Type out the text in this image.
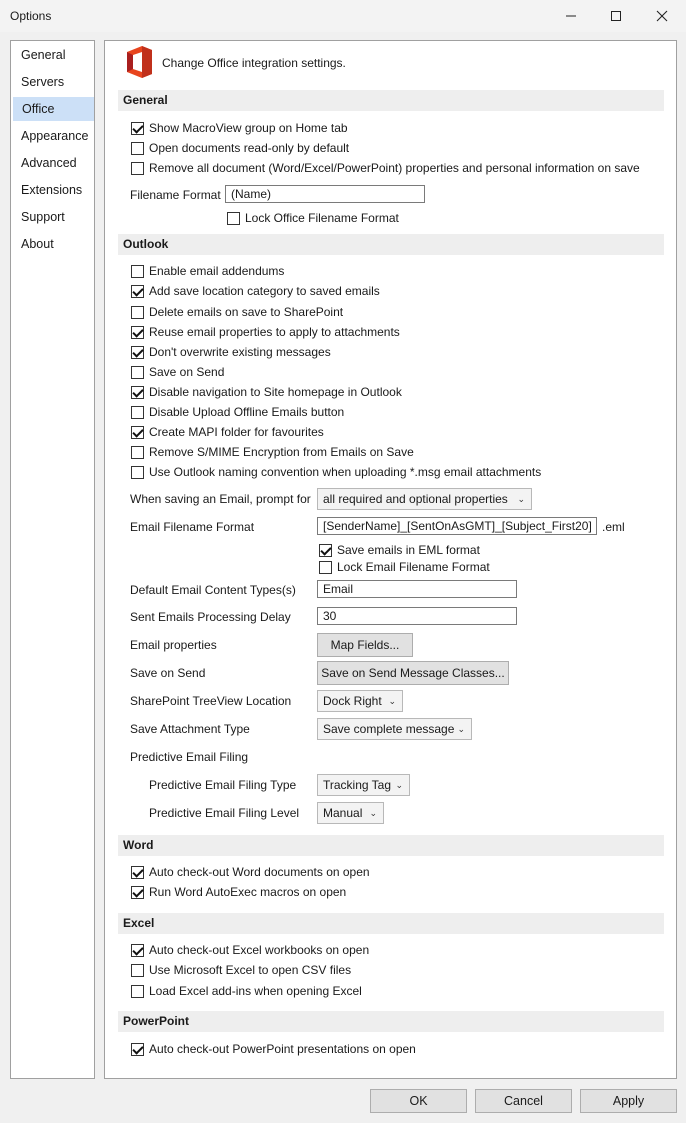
Options
General
Servers
Office
Appearance
Advanced
Extensions
Support
About
Change Office integration settings.
General
Show MacroView group on Home tab
Open documents read-only by default
Remove all document (Word/Excel/PowerPoint) properties and personal information on save
Filename Format (Name)
Lock Office Filename Format
Outlook
Enable email addendums
Add save location category to saved emails
Delete emails on save to SharePoint
Reuse email properties to apply to attachments
Don't overwrite existing messages
Save on Send
Disable navigation to Site homepage in Outlook
Disable Upload Offline Emails button
Create MAPI folder for favourites
Remove S/MIME Encryption from Emails on Save
Use Outlook naming convention when uploading *.msg email attachments
When saving an Email, prompt for	all required and optional properties ⌄
Email Filename Format	[SenderName]_[SentOnAsGMT]_[Subject_First20] .eml
Save emails in EML format
Lock Email Filename Format
Default Email Content Types(s)	Email
Sent Emails Processing Delay	30
Email properties	Map Fields...
Save on Send	Save on Send Message Classes...
SharePoint TreeView Location	Dock Right ⌄
Save Attachment Type	Save complete message ⌄
Predictive Email Filing
Predictive Email Filing Type	Tracking Tag ⌄
Predictive Email Filing Level	Manual ⌄
Word
Auto check-out Word documents on open
Run Word AutoExec macros on open
Excel
Auto check-out Excel workbooks on open
Use Microsoft Excel to open CSV files
Load Excel add-ins when opening Excel
PowerPoint
Auto check-out PowerPoint presentations on open
OK	Cancel	Apply
